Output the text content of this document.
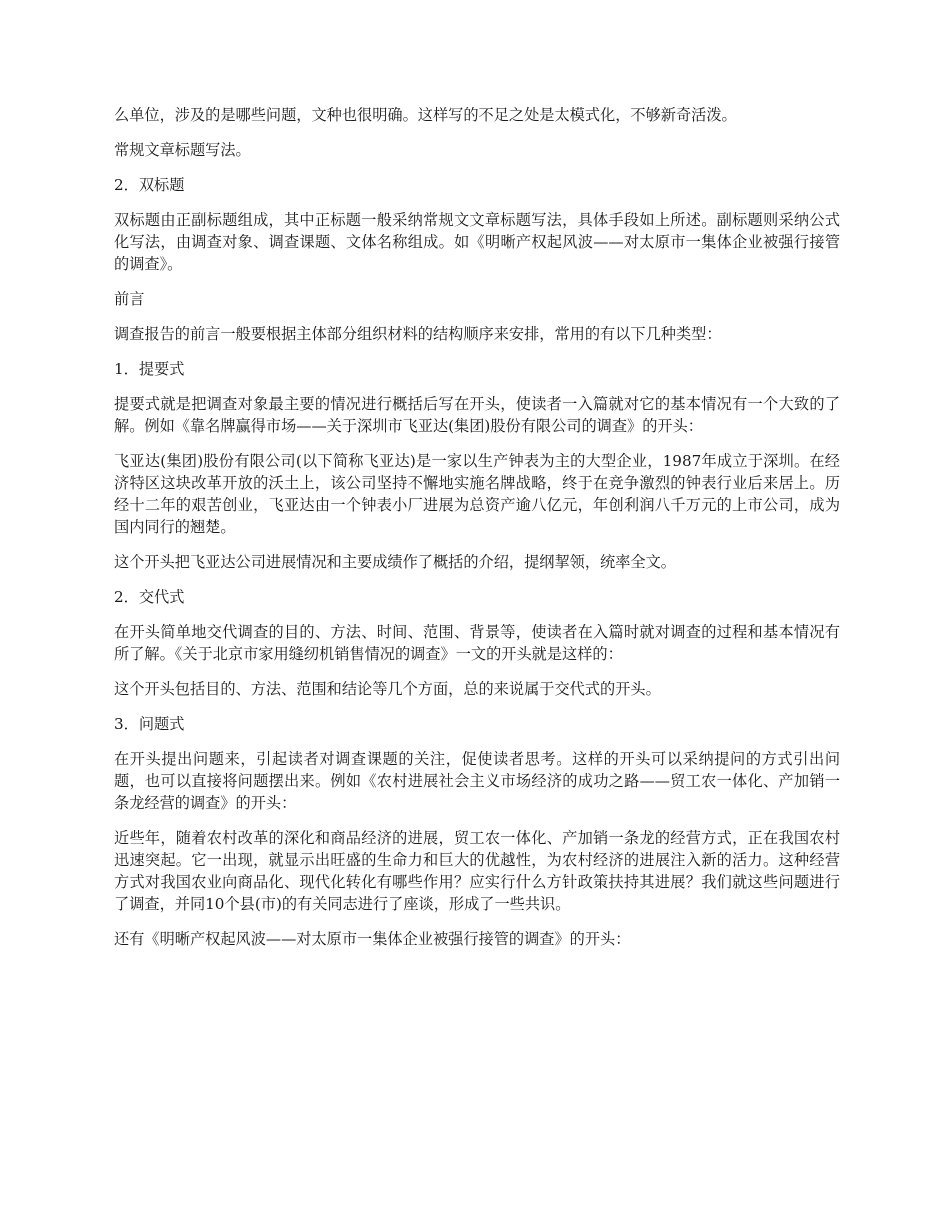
么单位，涉及的是哪些问题，文种也很明确。这样写的不足之处是太模式化，不够新奇活泼。

常规文章标题写法。

2．双标题

双标题由正副标题组成，其中正标题一般采纳常规文文章标题写法，具体手段如上所述。副标题则采纳公式化写法，由调查对象、调查课题、文体名称组成。如《明晰产权起风波——对太原市一集体企业被强行接管的调查》。

前言

调查报告的前言一般要根据主体部分组织材料的结构顺序来安排，常用的有以下几种类型：

1．提要式

提要式就是把调查对象最主要的情况进行概括后写在开头，使读者一入篇就对它的基本情况有一个大致的了解。例如《靠名牌赢得市场——关于深圳市飞亚达(集团)股份有限公司的调查》的开头：

飞亚达(集团)股份有限公司(以下简称飞亚达)是一家以生产钟表为主的大型企业，1987年成立于深圳。在经济特区这块改革开放的沃土上，该公司坚持不懈地实施名牌战略，终于在竞争激烈的钟表行业后来居上。历经十二年的艰苦创业，飞亚达由一个钟表小厂进展为总资产逾八亿元，年创利润八千万元的上市公司，成为国内同行的翘楚。

这个开头把飞亚达公司进展情况和主要成绩作了概括的介绍，提纲挈领，统率全文。

2．交代式

在开头简单地交代调查的目的、方法、时间、范围、背景等，使读者在入篇时就对调查的过程和基本情况有所了解。《关于北京市家用缝纫机销售情况的调查》一文的开头就是这样的：

这个开头包括目的、方法、范围和结论等几个方面，总的来说属于交代式的开头。

3．问题式

在开头提出问题来，引起读者对调查课题的关注，促使读者思考。这样的开头可以采纳提问的方式引出问题，也可以直接将问题摆出来。例如《农村进展社会主义市场经济的成功之路——贸工农一体化、产加销一条龙经营的调查》的开头：

近些年，随着农村改革的深化和商品经济的进展，贸工农一体化、产加销一条龙的经营方式，正在我国农村迅速突起。它一出现，就显示出旺盛的生命力和巨大的优越性，为农村经济的进展注入新的活力。这种经营方式对我国农业向商品化、现代化转化有哪些作用？应实行什么方针政策扶持其进展？我们就这些问题进行了调查，并同10个县(市)的有关同志进行了座谈，形成了一些共识。

还有《明晰产权起风波——对太原市一集体企业被强行接管的调查》的开头：
